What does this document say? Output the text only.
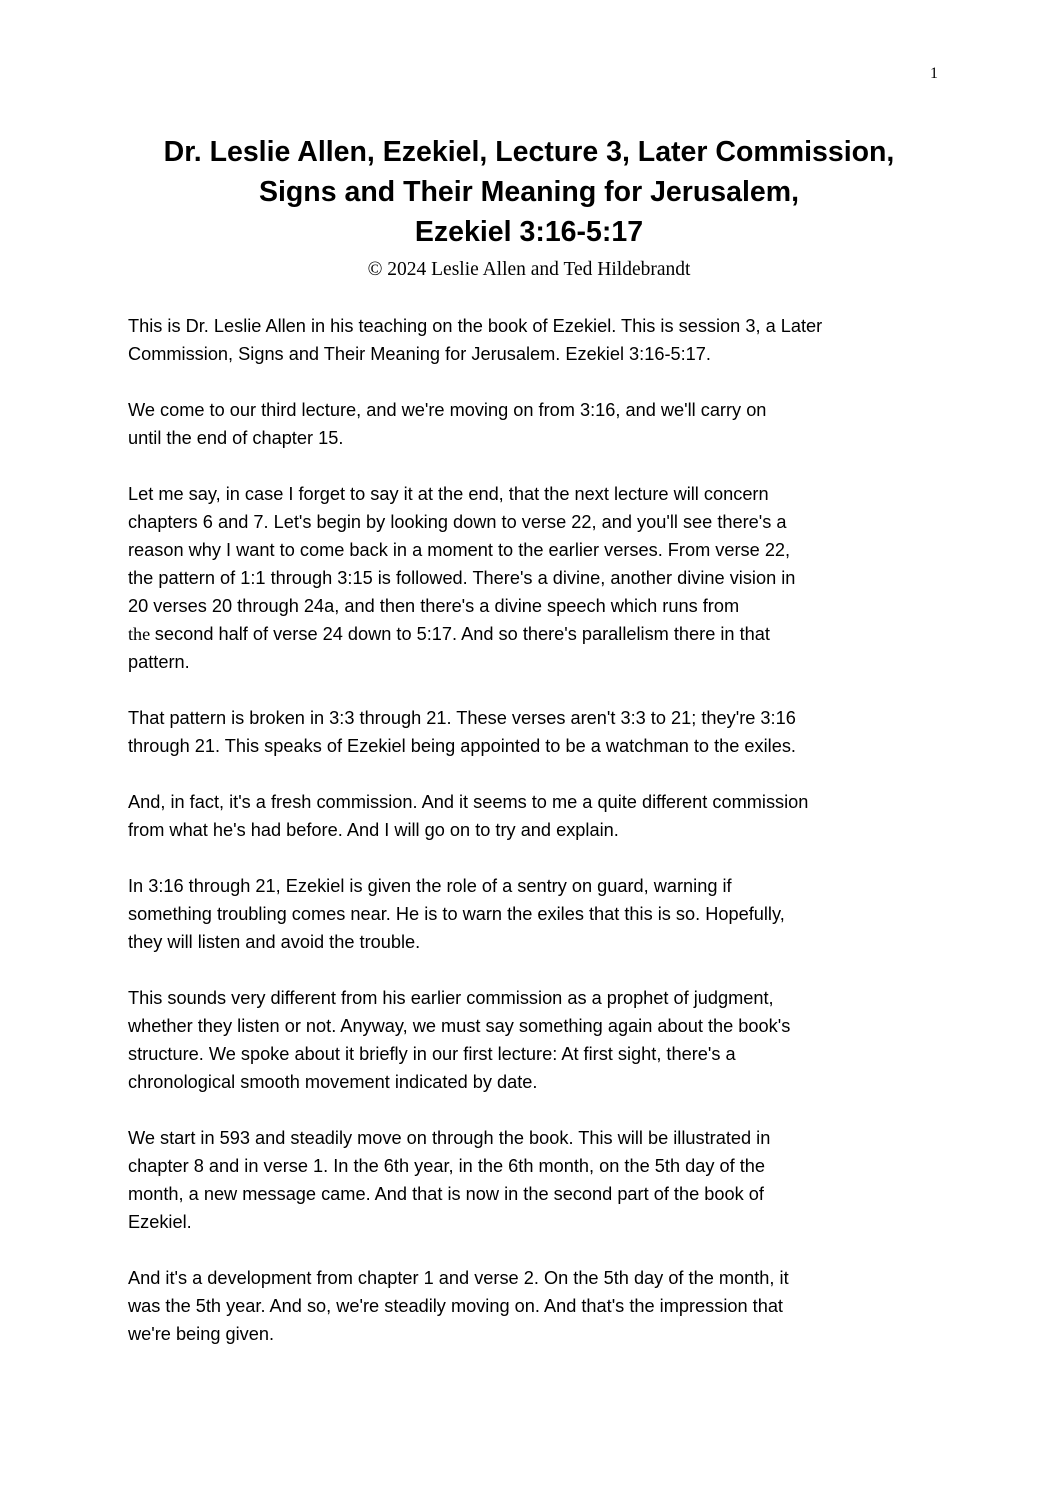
1
Dr. Leslie Allen, Ezekiel, Lecture 3, Later Commission,
Signs and Their Meaning for Jerusalem,
Ezekiel 3:16-5:17
© 2024 Leslie Allen and Ted Hildebrandt

This is Dr. Leslie Allen in his teaching on the book of Ezekiel. This is session 3, a Later
Commission, Signs and Their Meaning for Jerusalem. Ezekiel 3:16-5:17.

We come to our third lecture, and we're moving on from 3:16, and we'll carry on
until the end of chapter 15.

Let me say, in case I forget to say it at the end, that the next lecture will concern
chapters 6 and 7. Let's begin by looking down to verse 22, and you'll see there's a
reason why I want to come back in a moment to the earlier verses. From verse 22,
the pattern of 1:1 through 3:15 is followed. There's a divine, another divine vision in
20 verses 20 through 24a, and then there's a divine speech which runs from
the second half of verse 24 down to 5:17. And so there's parallelism there in that
pattern.

That pattern is broken in 3:3 through 21. These verses aren't 3:3 to 21; they're 3:16
through 21. This speaks of Ezekiel being appointed to be a watchman to the exiles.

And, in fact, it's a fresh commission. And it seems to me a quite different commission
from what he's had before. And I will go on to try and explain.

In 3:16 through 21, Ezekiel is given the role of a sentry on guard, warning if
something troubling comes near. He is to warn the exiles that this is so. Hopefully,
they will listen and avoid the trouble.

This sounds very different from his earlier commission as a prophet of judgment,
whether they listen or not. Anyway, we must say something again about the book's
structure. We spoke about it briefly in our first lecture: At first sight, there's a
chronological smooth movement indicated by date.

We start in 593 and steadily move on through the book. This will be illustrated in
chapter 8 and in verse 1. In the 6th year, in the 6th month, on the 5th day of the
month, a new message came. And that is now in the second part of the book of
Ezekiel.

And it's a development from chapter 1 and verse 2. On the 5th day of the month, it
was the 5th year. And so, we're steadily moving on. And that's the impression that
we're being given.
